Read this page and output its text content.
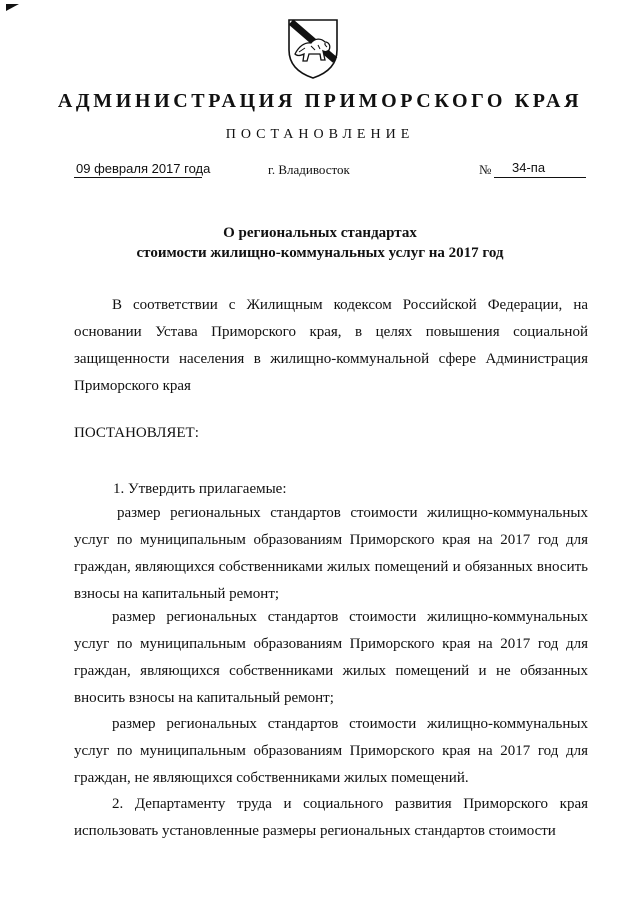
АДМИНИСТРАЦИЯ ПРИМОРСКОГО КРАЯ
ПОСТАНОВЛЕНИЕ
09 февраля 2017 года	г. Владивосток	№ 34-па
О региональных стандартах
стоимости жилищно-коммунальных услуг на 2017 год

В соответствии с Жилищным кодексом Российской Федерации, на основании Устава Приморского края, в целях повышения социальной защищенности населения в жилищно-коммунальной сфере Администрация Приморского края

ПОСТАНОВЛЯЕТ:
1. Утвердить прилагаемые:

размер региональных стандартов стоимости жилищно-коммунальных услуг по муниципальным образованиям Приморского края на 2017 год для граждан, являющихся собственниками жилых помещений и обязанных вносить взносы на капитальный ремонт;

размер региональных стандартов стоимости жилищно-коммунальных услуг по муниципальным образованиям Приморского края на 2017 год для граждан, являющихся собственниками жилых помещений и не обязанных вносить взносы на капитальный ремонт;

размер региональных стандартов стоимости жилищно-коммунальных услуг по муниципальным образованиям Приморского края на 2017 год для граждан, не являющихся собственниками жилых помещений.

2. Департаменту труда и социального развития Приморского края использовать установленные размеры региональных стандартов стоимости
